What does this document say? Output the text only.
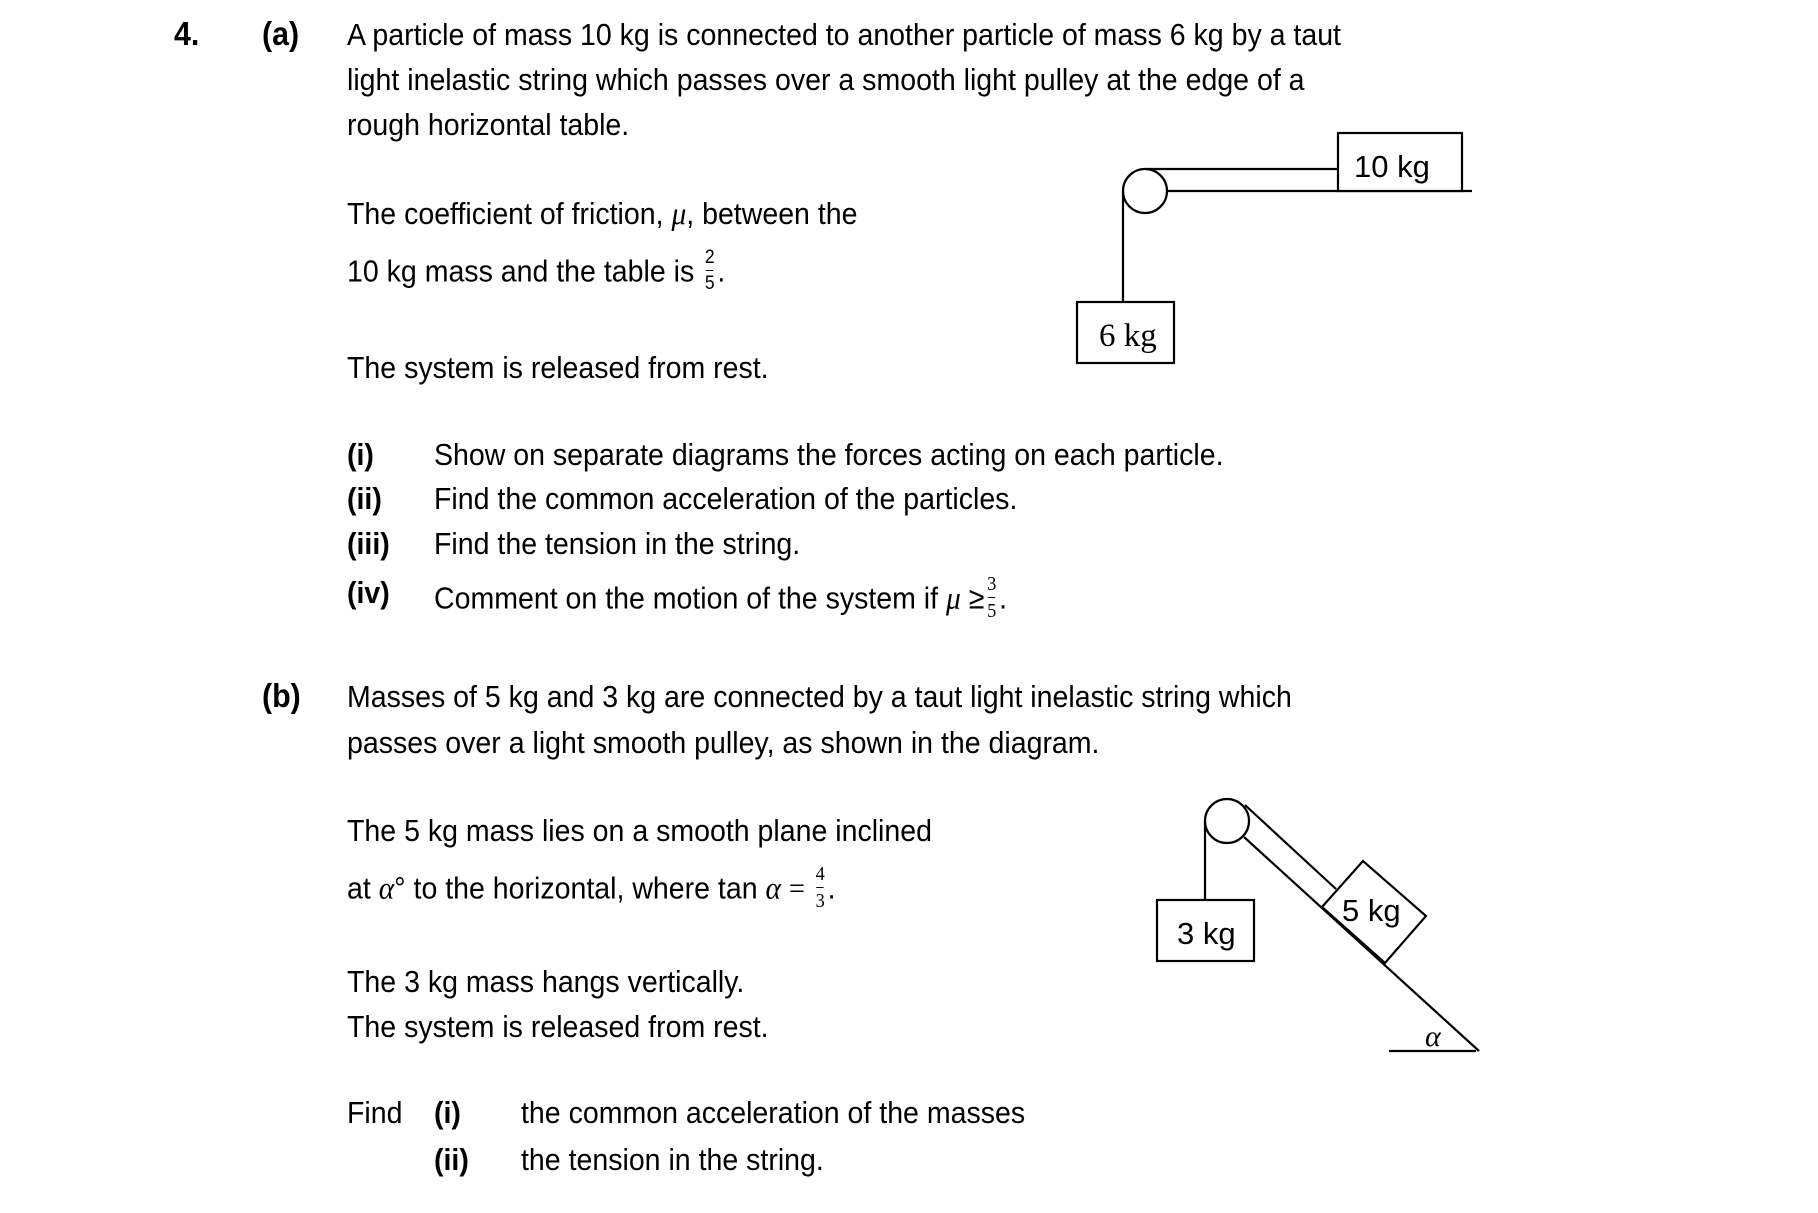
4. (a) A particle of mass 10 kg is connected to another particle of mass 6 kg by a taut
light inelastic string which passes over a smooth light pulley at the edge of a
rough horizontal table.
The coefficient of friction, μ, between the
10 kg mass and the table is $\frac{2}{5}$ .
The system is released from rest.
(i) Show on separate diagrams the forces acting on each particle.
(ii) Find the common acceleration of the particles.
(iii) Find the tension in the string.
(iv) Comment on the motion of the system if $\mu \ge \frac{3}{5}$ .
(b) Masses of 5 kg and 3 kg are connected by a taut light inelastic string which
passes over a light smooth pulley, as shown in the diagram.
The 5 kg mass lies on a smooth plane inclined
at α° to the horizontal, where $\tan \alpha = \frac{4}{3}$ .
The 3 kg mass hangs vertically.
The system is released from rest.
Find (i) the common acceleration of the masses
(ii) the tension in the string.
10 kg
6 kg
3 kg
5 kg
α
